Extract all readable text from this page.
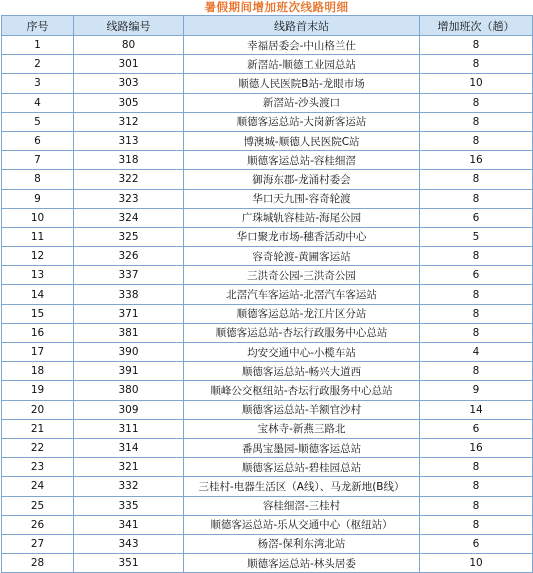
暑假期间增加班次线路明细
序号	线路编号	线路首末站	增加班次（趟）
1	80	幸福居委会-中山格兰仕	8
2	301	新滘站-顺德工业园总站	8
3	303	顺德人民医院B站-龙眼市场	10
4	305	新滘站-沙头渡口	8
5	312	顺德客运总站-大岗新客运站	8
6	313	博澳城-顺德人民医院C站	8
7	318	顺德客运总站-容桂细滘	16
8	322	御海东郡-龙涌村委会	8
9	323	华口天九围-容奇轮渡	8
10	324	广珠城轨容桂站-海尾公园	6
11	325	华口聚龙市场-穗香活动中心	5
12	326	容奇轮渡-黄圃客运站	8
13	337	三洪奇公园-三洪奇公园	6
14	338	北滘汽车客运站-北滘汽车客运站	8
15	371	顺德客运总站-龙江片区分站	8
16	381	顺德客运总站-杏坛行政服务中心总站	8
17	390	均安交通中心-小榄车站	4
18	391	顺德客运总站-畅兴大道西	8
19	380	顺峰公交枢纽站-杏坛行政服务中心总站	9
20	309	顺德客运总站-羊额官沙村	14
21	311	宝林寺-新燕三路北	6
22	314	番禺宝墨园-顺德客运总站	16
23	321	顺德客运总站-碧桂园总站	8
24	332	三桂村-电器生活区（A线）、马龙新地(B线）	8
25	335	容桂细滘-三桂村	8
26	341	顺德客运总站-乐从交通中心（枢纽站）	8
27	343	杨滘-保利东湾北站	6
28	351	顺德客运总站-林头居委	10
